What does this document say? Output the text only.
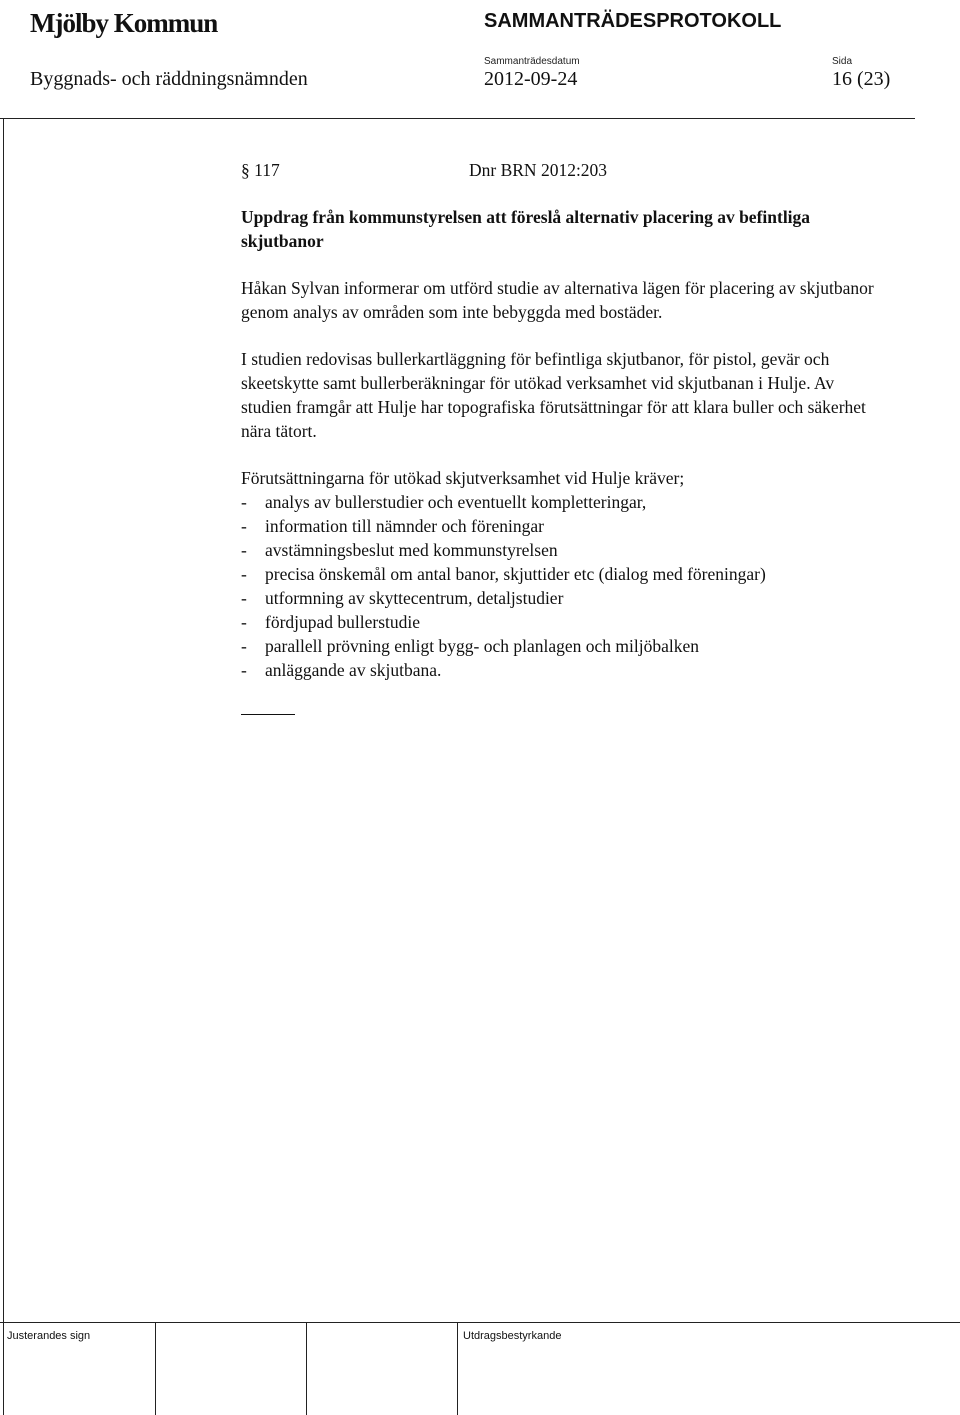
Mjölby Kommun	SAMMANTRÄDESPROTOKOLL
Sammanträdesdatum	Sida
Byggnads- och räddningsnämnden	2012-09-24	16 (23)
§ 117	Dnr BRN 2012:203
Uppdrag från kommunstyrelsen att föreslå alternativ placering av befintliga skjutbanor
Håkan Sylvan informerar om utförd studie av alternativa lägen för placering av skjutbanor genom analys av områden som inte bebyggda med bostäder.
I studien redovisas bullerkartläggning för befintliga skjutbanor, för pistol, gevär och skeetskytte samt bullerberäkningar för utökad verksamhet vid skjutbanan i Hulje. Av studien framgår att Hulje har topografiska förutsättningar för att klara buller och säkerhet nära tätort.
Förutsättningarna för utökad skjutverksamhet vid Hulje kräver;
-	analys av bullerstudier och eventuellt kompletteringar,
-	information till nämnder och föreningar
-	avstämningsbeslut med kommunstyrelsen
-	precisa önskemål om antal banor, skjuttider etc (dialog med föreningar)
-	utformning av skyttecentrum, detaljstudier
-	fördjupad bullerstudie
-	parallell prövning enligt bygg- och planlagen och miljöbalken
-	anläggande av skjutbana.
Justerandes sign	Utdragsbestyrkande
